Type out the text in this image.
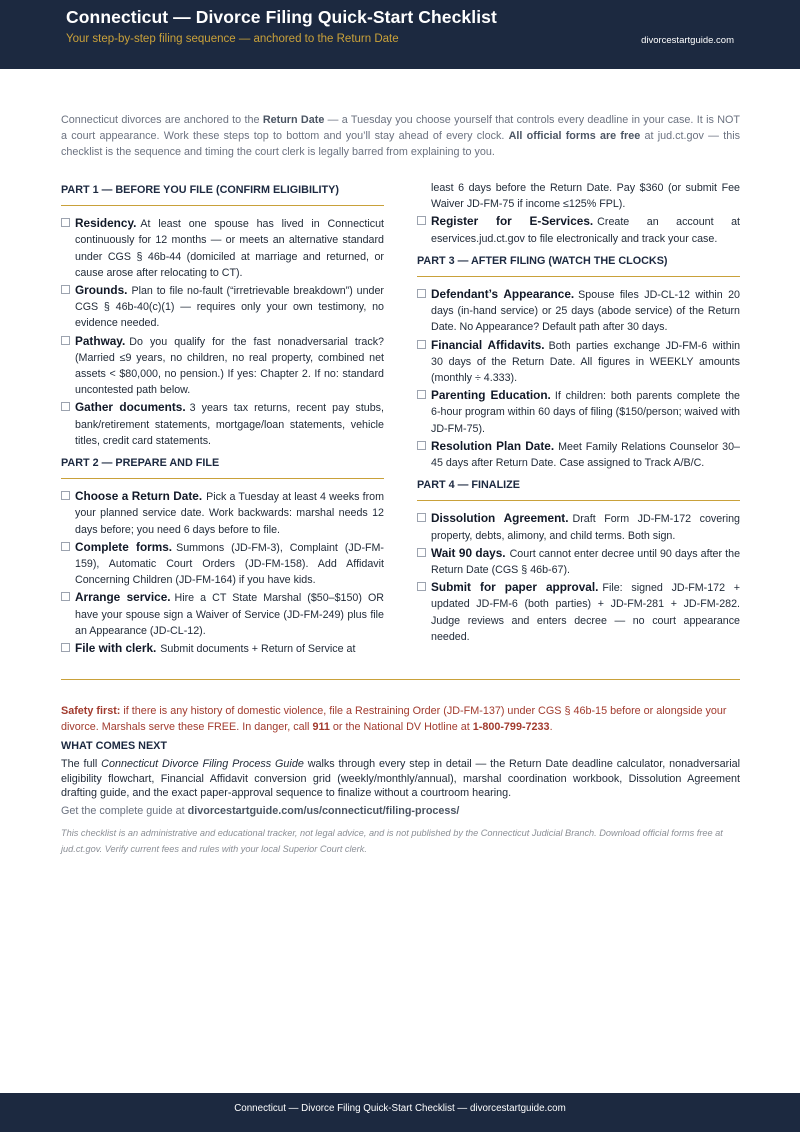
Connecticut — Divorce Filing Quick-Start Checklist
Your step-by-step filing sequence — anchored to the Return Date	divorcestartguide.com
Connecticut divorces are anchored to the Return Date — a Tuesday you choose yourself that controls every deadline in your case. It is NOT a court appearance. Work these steps top to bottom and you’ll stay ahead of every clock. All official forms are free at jud.ct.gov — this checklist is the sequence and timing the court clerk is legally barred from explaining to you.
PART 1 — BEFORE YOU FILE (CONFIRM ELIGIBILITY)
Residency. At least one spouse has lived in Connecticut continuously for 12 months — or meets an alternative standard under CGS § 46b-44 (domiciled at marriage and returned, or cause arose after relocating to CT).
Grounds. Plan to file no-fault (“irretrievable breakdown”) under CGS § 46b-40(c)(1) — requires only your own testimony, no evidence needed.
Pathway. Do you qualify for the fast nonadversarial track? (Married ≤9 years, no children, no real property, combined net assets < $80,000, no pension.) If yes: Chapter 2. If no: standard uncontested path below.
Gather documents. 3 years tax returns, recent pay stubs, bank/retirement statements, mortgage/loan statements, vehicle titles, credit card statements.
PART 2 — PREPARE AND FILE
Choose a Return Date. Pick a Tuesday at least 4 weeks from your planned service date. Work backwards: marshal needs 12 days before; you need 6 days before to file.
Complete forms. Summons (JD-FM-3), Complaint (JD-FM-159), Automatic Court Orders (JD-FM-158). Add Affidavit Concerning Children (JD-FM-164) if you have kids.
Arrange service. Hire a CT State Marshal ($50–$150) OR have your spouse sign a Waiver of Service (JD-FM-249) plus file an Appearance (JD-CL-12).
File with clerk. Submit documents + Return of Service at
least 6 days before the Return Date. Pay $360 (or submit Fee Waiver JD-FM-75 if income ≤125% FPL).
Register for E-Services. Create an account at eservices.jud.ct.gov to file electronically and track your case.
PART 3 — AFTER FILING (WATCH THE CLOCKS)
Defendant’s Appearance. Spouse files JD-CL-12 within 20 days (in-hand service) or 25 days (abode service) of the Return Date. No Appearance? Default path after 30 days.
Financial Affidavits. Both parties exchange JD-FM-6 within 30 days of the Return Date. All figures in WEEKLY amounts (monthly ÷ 4.333).
Parenting Education. If children: both parents complete the 6-hour program within 60 days of filing ($150/person; waived with JD-FM-75).
Resolution Plan Date. Meet Family Relations Counselor 30–45 days after Return Date. Case assigned to Track A/B/C.
PART 4 — FINALIZE
Dissolution Agreement. Draft Form JD-FM-172 covering property, debts, alimony, and child terms. Both sign.
Wait 90 days. Court cannot enter decree until 90 days after the Return Date (CGS § 46b-67).
Submit for paper approval. File: signed JD-FM-172 + updated JD-FM-6 (both parties) + JD-FM-281 + JD-FM-282. Judge reviews and enters decree — no court appearance needed.
Safety first: if there is any history of domestic violence, file a Restraining Order (JD-FM-137) under CGS § 46b-15 before or alongside your divorce. Marshals serve these FREE. In danger, call 911 or the National DV Hotline at 1-800-799-7233.
WHAT COMES NEXT
The full Connecticut Divorce Filing Process Guide walks through every step in detail — the Return Date deadline calculator, nonadversarial eligibility flowchart, Financial Affidavit conversion grid (weekly/monthly/annual), marshal coordination workbook, Dissolution Agreement drafting guide, and the exact paper-approval sequence to finalize without a courtroom hearing.
Get the complete guide at divorcestartguide.com/us/connecticut/filing-process/
This checklist is an administrative and educational tracker, not legal advice, and is not published by the Connecticut Judicial Branch. Download official forms free at jud.ct.gov. Verify current fees and rules with your local Superior Court clerk.
Connecticut — Divorce Filing Quick-Start Checklist — divorcestartguide.com
